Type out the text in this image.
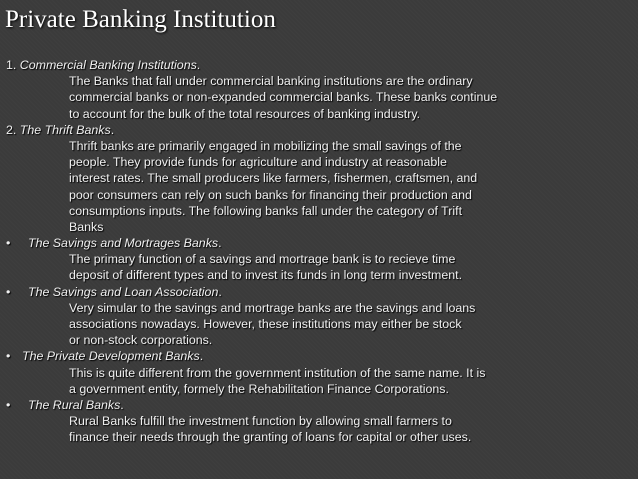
Private Banking Institution
1. Commercial Banking Institutions.
The Banks that fall under commercial banking institutions are the ordinary
commercial banks or non-expanded commercial banks. These banks continue
to account for the bulk of the total resources of banking industry.
2. The Thrift Banks.
Thrift banks are primarily engaged in mobilizing the small savings of the
people. They provide funds for agriculture and industry at reasonable
interest rates. The small producers like farmers, fishermen, craftsmen, and
poor consumers can rely on such banks for financing their production and
consumptions inputs. The following banks fall under the category of Trift
Banks
• The Savings and Mortrages Banks.
The primary function of a savings and mortrage bank is to recieve time
deposit of different types and to invest its funds in long term investment.
• The Savings and Loan Association.
Very simular to the savings and mortrage banks are the savings and loans
associations nowadays. However, these institutions may either be stock
or non-stock corporations.
• The Private Development Banks.
This is quite different from the government institution of the same name. It is
a government entity, formely the Rehabilitation Finance Corporations.
• The Rural Banks.
Rural Banks fulfill the investment function by allowing small farmers to
finance their needs through the granting of loans for capital or other uses.
